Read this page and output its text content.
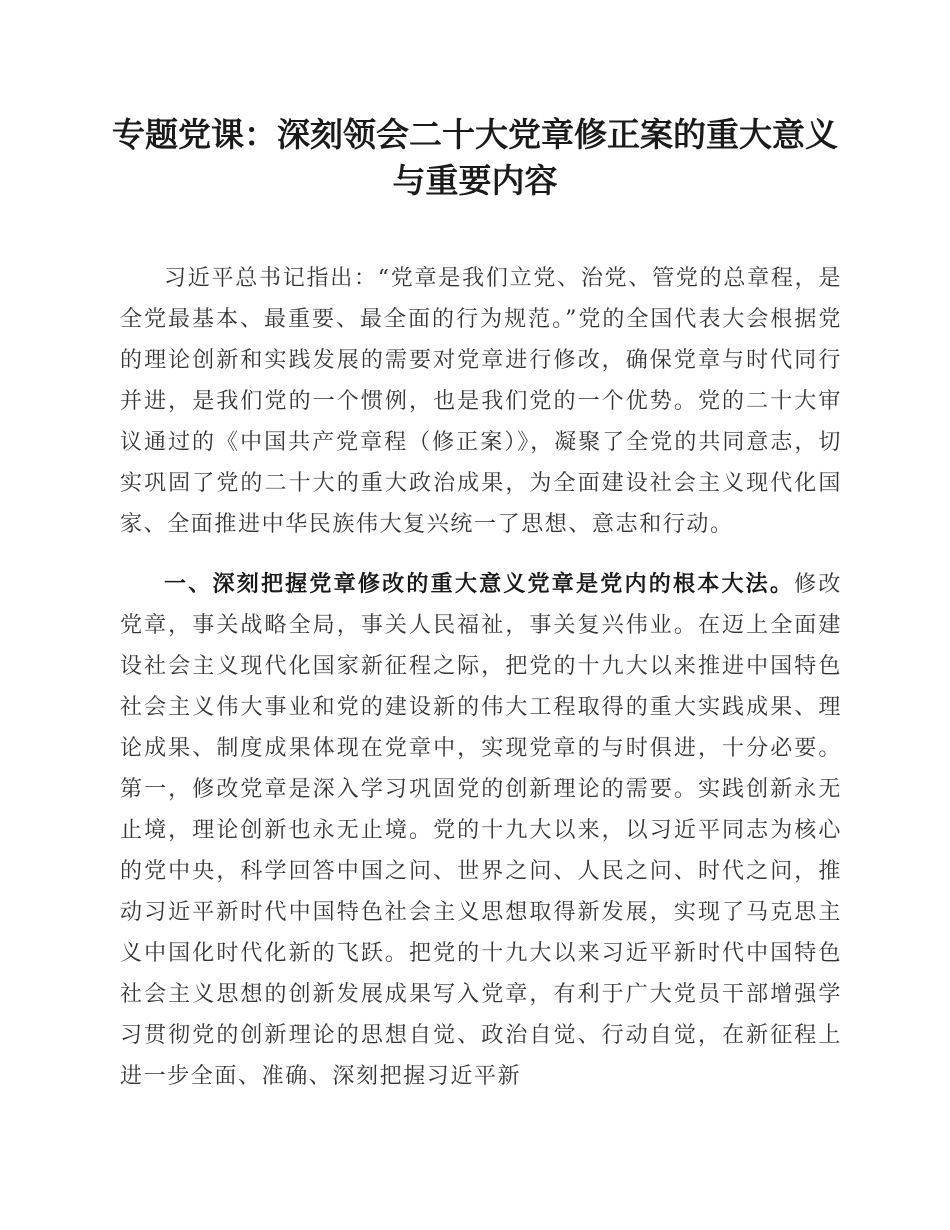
专题党课：深刻领会二十大党章修正案的重大意义与重要内容

习近平总书记指出：“党章是我们立党、治党、管党的总章程，是全党最基本、最重要、最全面的行为规范。”党的全国代表大会根据党的理论创新和实践发展的需要对党章进行修改，确保党章与时代同行并进，是我们党的一个惯例，也是我们党的一个优势。党的二十大审议通过的《中国共产党章程（修正案）》，凝聚了全党的共同意志，切实巩固了党的二十大的重大政治成果，为全面建设社会主义现代化国家、全面推进中华民族伟大复兴统一了思想、意志和行动。

一、深刻把握党章修改的重大意义党章是党内的根本大法。修改党章，事关战略全局，事关人民福祉，事关复兴伟业。在迈上全面建设社会主义现代化国家新征程之际，把党的十九大以来推进中国特色社会主义伟大事业和党的建设新的伟大工程取得的重大实践成果、理论成果、制度成果体现在党章中，实现党章的与时俱进，十分必要。第一，修改党章是深入学习巩固党的创新理论的需要。实践创新永无止境，理论创新也永无止境。党的十九大以来，以习近平同志为核心的党中央，科学回答中国之问、世界之问、人民之问、时代之问，推动习近平新时代中国特色社会主义思想取得新发展，实现了马克思主义中国化时代化新的飞跃。把党的十九大以来习近平新时代中国特色社会主义思想的创新发展成果写入党章，有利于广大党员干部增强学习贯彻党的创新理论的思想自觉、政治自觉、行动自觉，在新征程上进一步全面、准确、深刻把握习近平新
